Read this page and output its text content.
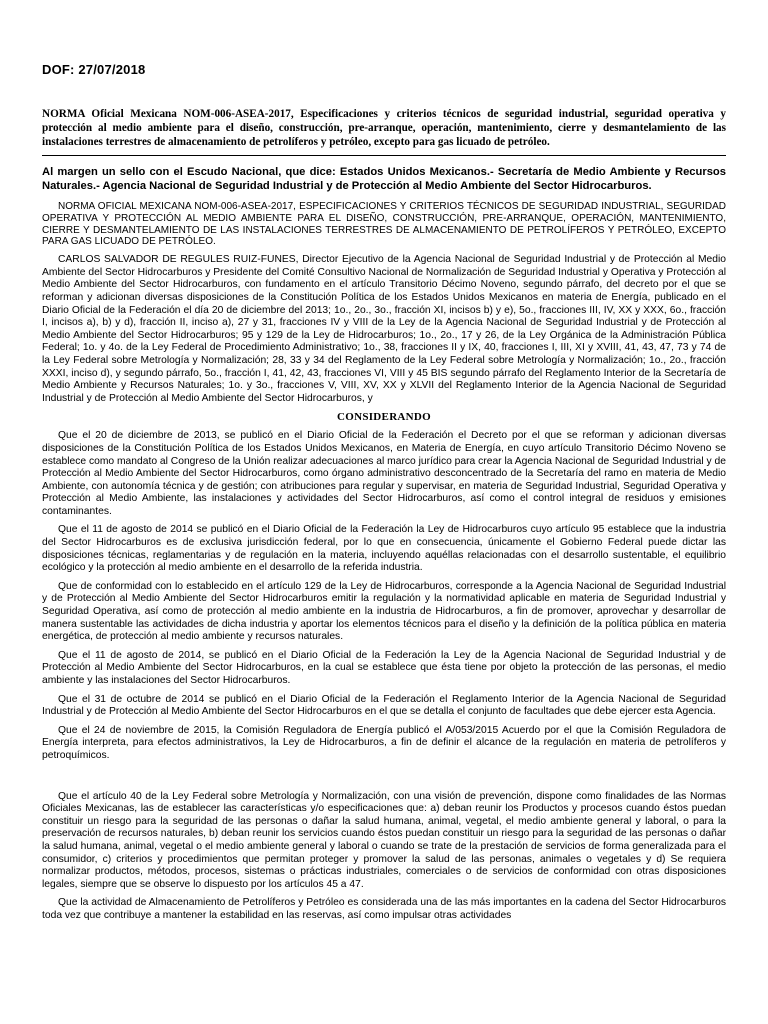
DOF: 27/07/2018
NORMA Oficial Mexicana NOM-006-ASEA-2017, Especificaciones y criterios técnicos de seguridad industrial, seguridad operativa y protección al medio ambiente para el diseño, construcción, pre-arranque, operación, mantenimiento, cierre y desmantelamiento de las instalaciones terrestres de almacenamiento de petrolíferos y petróleo, excepto para gas licuado de petróleo.
Al margen un sello con el Escudo Nacional, que dice: Estados Unidos Mexicanos.- Secretaría de Medio Ambiente y Recursos Naturales.- Agencia Nacional de Seguridad Industrial y de Protección al Medio Ambiente del Sector Hidrocarburos.

NORMA OFICIAL MEXICANA NOM-006-ASEA-2017, ESPECIFICACIONES Y CRITERIOS TÉCNICOS DE SEGURIDAD INDUSTRIAL, SEGURIDAD OPERATIVA Y PROTECCIÓN AL MEDIO AMBIENTE PARA EL DISEÑO, CONSTRUCCIÓN, PRE-ARRANQUE, OPERACIÓN, MANTENIMIENTO, CIERRE Y DESMANTELAMIENTO DE LAS INSTALACIONES TERRESTRES DE ALMACENAMIENTO DE PETROLÍFEROS Y PETRÓLEO, EXCEPTO PARA GAS LICUADO DE PETRÓLEO.

CARLOS SALVADOR DE REGULES RUIZ-FUNES, Director Ejecutivo de la Agencia Nacional de Seguridad Industrial y de Protección al Medio Ambiente del Sector Hidrocarburos y Presidente del Comité Consultivo Nacional de Normalización de Seguridad Industrial y Operativa y Protección al Medio Ambiente del Sector Hidrocarburos, con fundamento en el artículo Transitorio Décimo Noveno, segundo párrafo, del decreto por el que se reforman y adicionan diversas disposiciones de la Constitución Política de los Estados Unidos Mexicanos en materia de Energía, publicado en el Diario Oficial de la Federación el día 20 de diciembre del 2013; 1o., 2o., 3o., fracción XI, incisos b) y e), 5o., fracciones III, IV, XX y XXX, 6o., fracción I, incisos a), b) y d), fracción II, inciso a), 27 y 31, fracciones IV y VIII de la Ley de la Agencia Nacional de Seguridad Industrial y de Protección al Medio Ambiente del Sector Hidrocarburos; 95 y 129 de la Ley de Hidrocarburos; 1o., 2o., 17 y 26, de la Ley Orgánica de la Administración Pública Federal; 1o. y 4o. de la Ley Federal de Procedimiento Administrativo; 1o., 38, fracciones II y IX, 40, fracciones I, III, XI y XVIII, 41, 43, 47, 73 y 74 de la Ley Federal sobre Metrología y Normalización; 28, 33 y 34 del Reglamento de la Ley Federal sobre Metrología y Normalización; 1o., 2o., fracción XXXI, inciso d), y segundo párrafo, 5o., fracción I, 41, 42, 43, fracciones VI, VIII y 45 BIS segundo párrafo del Reglamento Interior de la Secretaría de Medio Ambiente y Recursos Naturales; 1o. y 3o., fracciones V, VIII, XV, XX y XLVII del Reglamento Interior de la Agencia Nacional de Seguridad Industrial y de Protección al Medio Ambiente del Sector Hidrocarburos, y

CONSIDERANDO

Que el 20 de diciembre de 2013, se publicó en el Diario Oficial de la Federación el Decreto por el que se reforman y adicionan diversas disposiciones de la Constitución Política de los Estados Unidos Mexicanos, en Materia de Energía, en cuyo artículo Transitorio Décimo Noveno se establece como mandato al Congreso de la Unión realizar adecuaciones al marco jurídico para crear la Agencia Nacional de Seguridad Industrial y de Protección al Medio Ambiente del Sector Hidrocarburos, como órgano administrativo desconcentrado de la Secretaría del ramo en materia de Medio Ambiente, con autonomía técnica y de gestión; con atribuciones para regular y supervisar, en materia de Seguridad Industrial, Seguridad Operativa y Protección al Medio Ambiente, las instalaciones y actividades del Sector Hidrocarburos, así como el control integral de residuos y emisiones contaminantes.

Que el 11 de agosto de 2014 se publicó en el Diario Oficial de la Federación la Ley de Hidrocarburos cuyo artículo 95 establece que la industria del Sector Hidrocarburos es de exclusiva jurisdicción federal, por lo que en consecuencia, únicamente el Gobierno Federal puede dictar las disposiciones técnicas, reglamentarias y de regulación en la materia, incluyendo aquéllas relacionadas con el desarrollo sustentable, el equilibrio ecológico y la protección al medio ambiente en el desarrollo de la referida industria.

Que de conformidad con lo establecido en el artículo 129 de la Ley de Hidrocarburos, corresponde a la Agencia Nacional de Seguridad Industrial y de Protección al Medio Ambiente del Sector Hidrocarburos emitir la regulación y la normatividad aplicable en materia de Seguridad Industrial y Seguridad Operativa, así como de protección al medio ambiente en la industria de Hidrocarburos, a fin de promover, aprovechar y desarrollar de manera sustentable las actividades de dicha industria y aportar los elementos técnicos para el diseño y la definición de la política pública en materia energética, de protección al medio ambiente y recursos naturales.

Que el 11 de agosto de 2014, se publicó en el Diario Oficial de la Federación la Ley de la Agencia Nacional de Seguridad Industrial y de Protección al Medio Ambiente del Sector Hidrocarburos, en la cual se establece que ésta tiene por objeto la protección de las personas, el medio ambiente y las instalaciones del Sector Hidrocarburos.

Que el 31 de octubre de 2014 se publicó en el Diario Oficial de la Federación el Reglamento Interior de la Agencia Nacional de Seguridad Industrial y de Protección al Medio Ambiente del Sector Hidrocarburos en el que se detalla el conjunto de facultades que debe ejercer esta Agencia.

Que el 24 de noviembre de 2015, la Comisión Reguladora de Energía publicó el A/053/2015 Acuerdo por el que la Comisión Reguladora de Energía interpreta, para efectos administrativos, la Ley de Hidrocarburos, a fin de definir el alcance de la regulación en materia de petrolíferos y petroquímicos.

Que el artículo 40 de la Ley Federal sobre Metrología y Normalización, con una visión de prevención, dispone como finalidades de las Normas Oficiales Mexicanas, las de establecer las características y/o especificaciones que: a) deban reunir los Productos y procesos cuando éstos puedan constituir un riesgo para la seguridad de las personas o dañar la salud humana, animal, vegetal, el medio ambiente general y laboral, o para la preservación de recursos naturales, b) deban reunir los servicios cuando éstos puedan constituir un riesgo para la seguridad de las personas o dañar la salud humana, animal, vegetal o el medio ambiente general y laboral o cuando se trate de la prestación de servicios de forma generalizada para el consumidor, c) criterios y procedimientos que permitan proteger y promover la salud de las personas, animales o vegetales y d) Se requiera normalizar productos, métodos, procesos, sistemas o prácticas industriales, comerciales o de servicios de conformidad con otras disposiciones legales, siempre que se observe lo dispuesto por los artículos 45 a 47.

Que la actividad de Almacenamiento de Petrolíferos y Petróleo es considerada una de las más importantes en la cadena del Sector Hidrocarburos toda vez que contribuye a mantener la estabilidad en las reservas, así como impulsar otras actividades
